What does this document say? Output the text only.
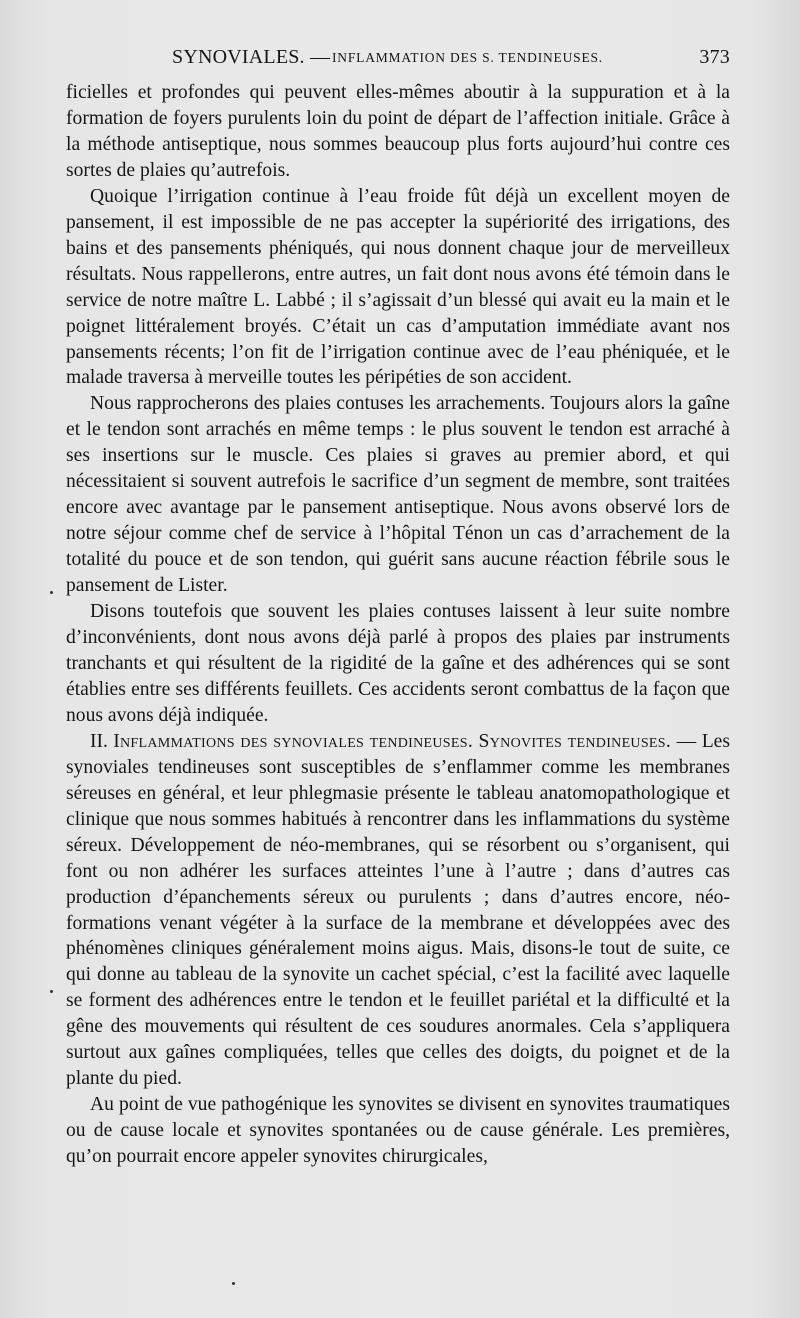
SYNOVIALES. — INFLAMMATION DES S. TENDINEUSES.	373

ficielles et profondes qui peuvent elles-mêmes aboutir à la suppuration et à la formation de foyers purulents loin du point de départ de l’affection initiale. Grâce à la méthode antiseptique, nous sommes beaucoup plus forts aujourd’hui contre ces sortes de plaies qu’autrefois.

Quoique l’irrigation continue à l’eau froide fût déjà un excellent moyen de pansement, il est impossible de ne pas accepter la supériorité des irrigations, des bains et des pansements phéniqués, qui nous donnent chaque jour de merveilleux résultats. Nous rappellerons, entre autres, un fait dont nous avons été témoin dans le service de notre maître L. Labbé ; il s’agissait d’un blessé qui avait eu la main et le poignet littéralement broyés. C’était un cas d’amputation immédiate avant nos pansements récents; l’on fit de l’irrigation continue avec de l’eau phéniquée, et le malade traversa à merveille toutes les péripéties de son accident.

Nous rapprocherons des plaies contuses les arrachements. Toujours alors la gaîne et le tendon sont arrachés en même temps : le plus souvent le tendon est arraché à ses insertions sur le muscle. Ces plaies si graves au premier abord, et qui nécessitaient si souvent autrefois le sacrifice d’un segment de membre, sont traitées encore avec avantage par le pansement antiseptique. Nous avons observé lors de notre séjour comme chef de service à l’hôpital Ténon un cas d’arrachement de la totalité du pouce et de son tendon, qui guérit sans aucune réaction fébrile sous le pansement de Lister.

Disons toutefois que souvent les plaies contuses laissent à leur suite nombre d’inconvénients, dont nous avons déjà parlé à propos des plaies par instruments tranchants et qui résultent de la rigidité de la gaîne et des adhérences qui se sont établies entre ses différents feuillets. Ces accidents seront combattus de la façon que nous avons déjà indiquée.

II. Inflammations des synoviales tendineuses. Synovites tendineuses. — Les synoviales tendineuses sont susceptibles de s’enflammer comme les membranes séreuses en général, et leur phlegmasie présente le tableau anatomopathologique et clinique que nous sommes habitués à rencontrer dans les inflammations du système séreux. Développement de néo-membranes, qui se résorbent ou s’organisent, qui font ou non adhérer les surfaces atteintes l’une à l’autre ; dans d’autres cas production d’épanchements séreux ou purulents ; dans d’autres encore, néo-formations venant végéter à la surface de la membrane et développées avec des phénomènes cliniques généralement moins aigus. Mais, disons-le tout de suite, ce qui donne au tableau de la synovite un cachet spécial, c’est la facilité avec laquelle se forment des adhérences entre le tendon et le feuillet pariétal et la difficulté et la gêne des mouvements qui résultent de ces soudures anormales. Cela s’appliquera surtout aux gaînes compliquées, telles que celles des doigts, du poignet et de la plante du pied.

Au point de vue pathogénique les synovites se divisent en synovites traumatiques ou de cause locale et synovites spontanées ou de cause générale. Les premières, qu’on pourrait encore appeler synovites chirurgicales,
